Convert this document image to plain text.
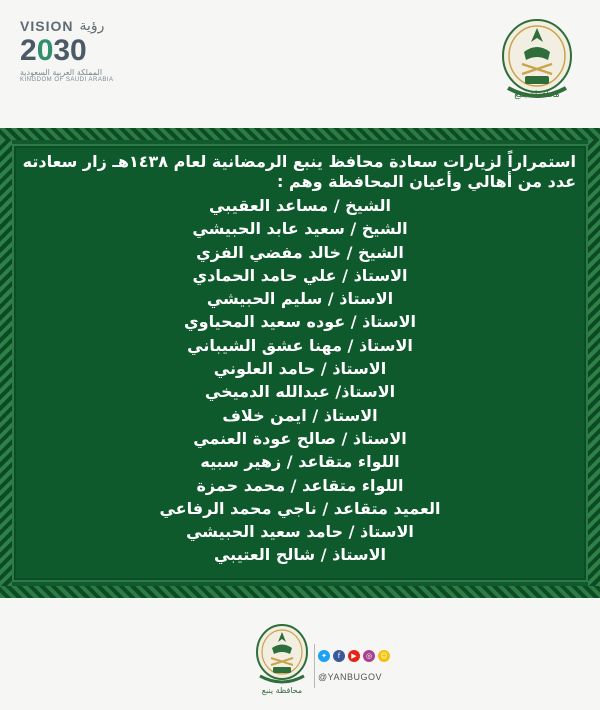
VISION رؤية
2030
المملكة العربية السعودية
KINGDOM OF SAUDI ARABIA
محافظة ينبع

استمراراً لزيارات سعادة محافظ ينبع الرمضانية لعام ١٤٣٨هـ زار سعادته عدد من أهالي وأعيان المحافظة وهم :

الشيخ / مساعد العقيبي
الشيخ / سعيد عابد الحبيشي
الشيخ / خالد مفضي الفزي
الاستاذ / علي حامد الحمادي
الاستاذ / سليم الحبيشي
الاستاذ / عوده سعيد المحياوي
الاستاذ / مهنا عشق الشيباني
الاستاذ / حامد العلوني
الاستاذ/ عبدالله الدميخي
الاستاذ / ايمن خلاف
الاستاذ / صالح عودة العنمي
اللواء متقاعد / زهير سبيه
اللواء متقاعد / محمد حمزة
العميد متقاعد / ناجي محمد الرفاعي
الاستاذ / حامد سعيد الحبيشي
الاستاذ / شالح العتيبي
محافظة ينبع
✦	f	▶	◎	☺
@YANBUGOV
